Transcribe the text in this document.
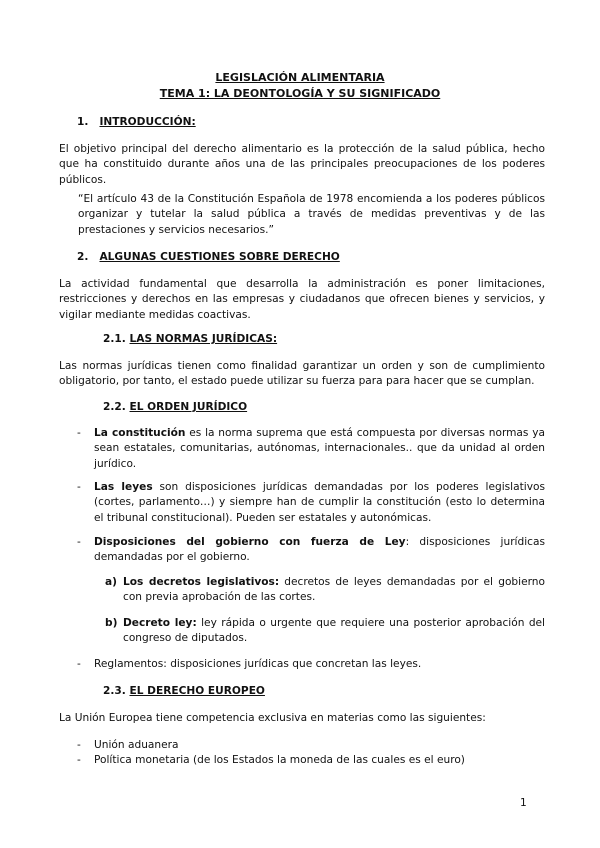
LEGISLACIÓN ALIMENTARIA
TEMA 1: LA DEONTOLOGÍA Y SU SIGNIFICADO
1. INTRODUCCIÓN:
El objetivo principal del derecho alimentario es la protección de la salud pública, hecho que ha constituido durante años una de las principales preocupaciones de los poderes públicos.
“El artículo 43 de la Constitución Española de 1978 encomienda a los poderes públicos organizar y tutelar la salud pública a través de medidas preventivas y de las prestaciones y servicios necesarios.”
2. ALGUNAS CUESTIONES SOBRE DERECHO
La actividad fundamental que desarrolla la administración es poner limitaciones, restricciones y derechos en las empresas y ciudadanos que ofrecen bienes y servicios, y vigilar mediante medidas coactivas.
2.1. LAS NORMAS JURÍDICAS:
Las normas jurídicas tienen como finalidad garantizar un orden y son de cumplimiento obligatorio, por tanto, el estado puede utilizar su fuerza para para hacer que se cumplan.
2.2. EL ORDEN JURÍDICO
- La constitución es la norma suprema que está compuesta por diversas normas ya sean estatales, comunitarias, autónomas, internacionales.. que da unidad al orden jurídico.
- Las leyes son disposiciones jurídicas demandadas por los poderes legislativos (cortes, parlamento…) y siempre han de cumplir la constitución (esto lo determina el tribunal constitucional). Pueden ser estatales y autonómicas.
- Disposiciones del gobierno con fuerza de Ley: disposiciones jurídicas demandadas por el gobierno.
a) Los decretos legislativos: decretos de leyes demandadas por el gobierno con previa aprobación de las cortes.
b) Decreto ley: ley rápida o urgente que requiere una posterior aprobación del congreso de diputados.
- Reglamentos: disposiciones jurídicas que concretan las leyes.
2.3. EL DERECHO EUROPEO
La Unión Europea tiene competencia exclusiva en materias como las siguientes:
- Unión aduanera
- Política monetaria (de los Estados la moneda de las cuales es el euro)
1
